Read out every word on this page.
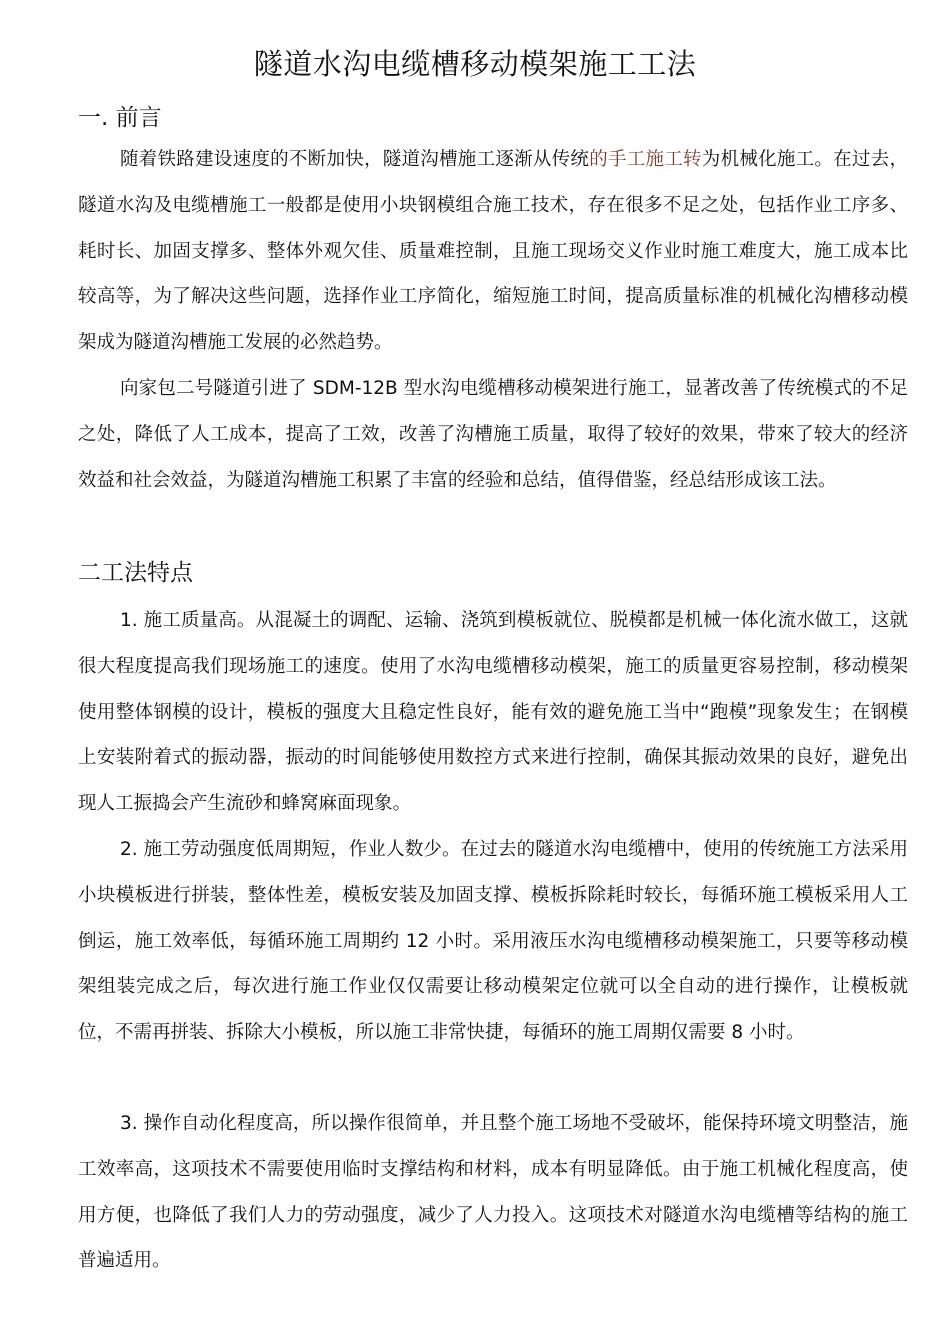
隧道水沟电缆槽移动模架施工工法
一. 前言
随着铁路建设速度的不断加快，隧道沟槽施工逐渐从传统的手工施工转为机械化施工。在过去，隧道水沟及电缆槽施工一般都是使用小块钢模组合施工技术，存在很多不足之处，包括作业工序多、耗时长、加固支撑多、整体外观欠佳、质量难控制，且施工现场交义作业时施工难度大，施工成本比较高等，为了解决这些问题，选择作业工序简化，缩短施工时间，提高质量标准的机械化沟槽移动模架成为隧道沟槽施工发展的必然趋势。
向家包二号隧道引进了 SDM-12B 型水沟电缆槽移动模架进行施工，显著改善了传统模式的不足之处，降低了人工成本，提高了工效，改善了沟槽施工质量，取得了较好的效果，带來了较大的经济效益和社会效益，为隧道沟槽施工积累了丰富的经验和总结，值得借鉴，经总结形成该工法。
二工法特点
1. 施工质量高。从混凝土的调配、运输、浇筑到模板就位、脱模都是机械一体化流水做工，这就很大程度提高我们现场施工的速度。使用了水沟电缆槽移动模架，施工的质量更容易控制，移动模架使用整体钢模的设计，模板的强度大且稳定性良好，能有效的避免施工当中“跑模”现象发生；在钢模上安装附着式的振动器，振动的时间能够使用数控方式来进行控制，确保其振动效果的良好，避免出现人工振捣会产生流砂和蜂窝麻面现象。
2. 施工劳动强度低周期短，作业人数少。在过去的隧道水沟电缆槽中，使用的传统施工方法采用小块模板进行拼装，整体性差，模板安装及加固支撑、模板拆除耗时较长，每循环施工模板采用人工倒运，施工效率低，每循环施工周期约 12 小时。采用液压水沟电缆槽移动模架施工，只要等移动模架组装完成之后，每次进行施工作业仅仅需要让移动模架定位就可以全自动的进行操作，让模板就位，不需再拼装、拆除大小模板，所以施工非常快捷，每循环的施工周期仅需要 8 小时。
3. 操作自动化程度高，所以操作很简单，并且整个施工场地不受破坏，能保持环境文明整洁，施工效率高，这项技术不需要使用临时支撑结构和材料，成本有明显降低。由于施工机械化程度高，使用方便，也降低了我们人力的劳动强度，减少了人力投入。这项技术对隧道水沟电缆槽等结构的施工普遍适用。
